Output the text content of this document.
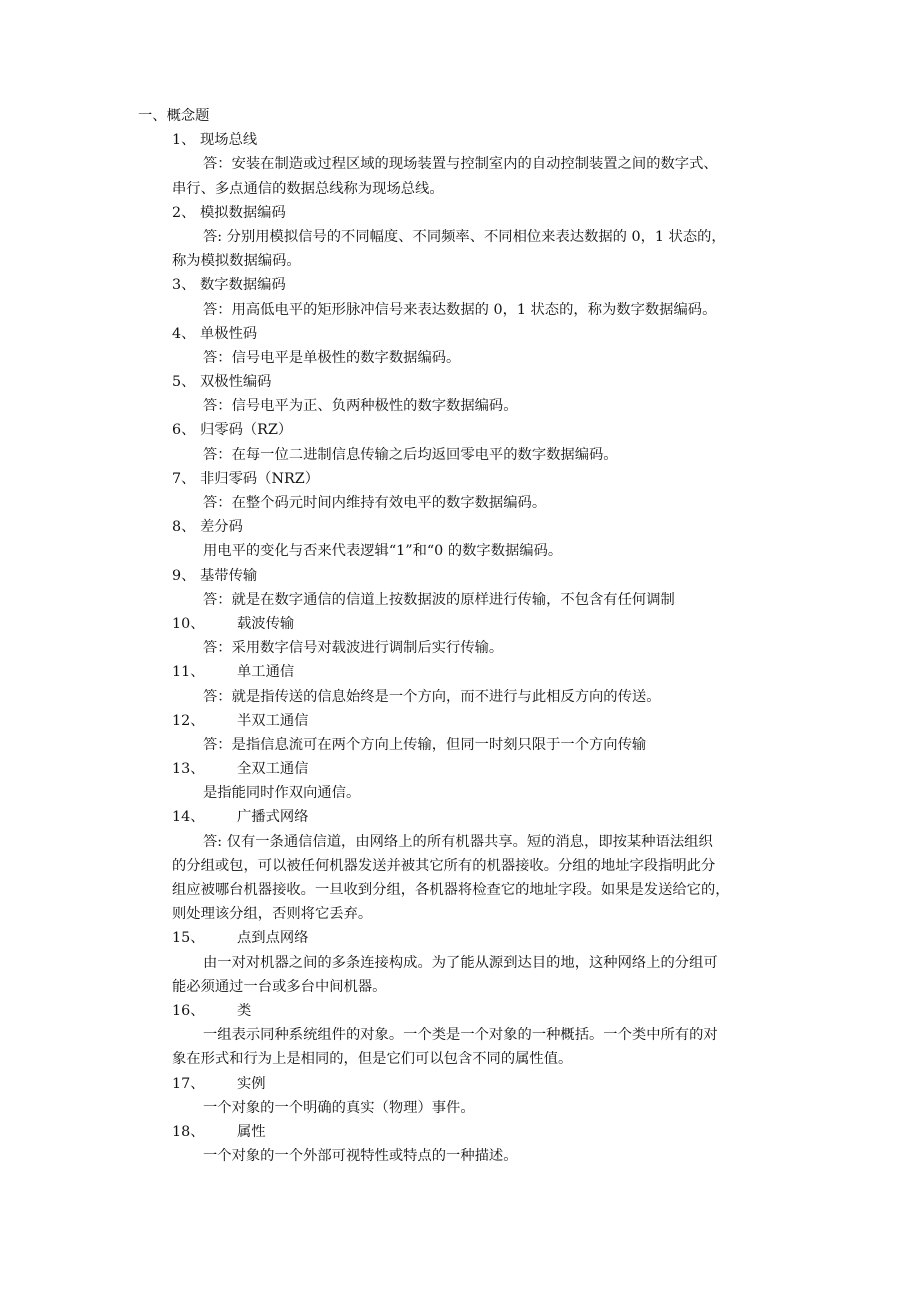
一、概念题
1、 现场总线
答：安装在制造或过程区域的现场装置与控制室内的自动控制装置之间的数字式、
串行、多点通信的数据总线称为现场总线。
2、 模拟数据编码
答: 分别用模拟信号的不同幅度、不同频率、不同相位来表达数据的 0，1 状态的，
称为模拟数据编码。
3、 数字数据编码
答：用高低电平的矩形脉冲信号来表达数据的 0，1 状态的，称为数字数据编码。
4、 单极性码
答：信号电平是单极性的数字数据编码。
5、 双极性编码
答：信号电平为正、负两种极性的数字数据编码。
6、 归零码（RZ）
答：在每一位二进制信息传输之后均返回零电平的数字数据编码。
7、 非归零码（NRZ）
答：在整个码元时间内维持有效电平的数字数据编码。
8、 差分码
用电平的变化与否来代表逻辑“1”和“0 的数字数据编码。
9、 基带传输
答：就是在数字通信的信道上按数据波的原样进行传输，不包含有任何调制
10、 载波传输
答：采用数字信号对载波进行调制后实行传输。
11、 单工通信
答：就是指传送的信息始终是一个方向，而不进行与此相反方向的传送。
12、 半双工通信
答：是指信息流可在两个方向上传输，但同一时刻只限于一个方向传输
13、 全双工通信
是指能同时作双向通信。
14、 广播式网络
答: 仅有一条通信信道，由网络上的所有机器共享。短的消息，即按某种语法组织
的分组或包，可以被任何机器发送并被其它所有的机器接收。分组的地址字段指明此分
组应被哪台机器接收。一旦收到分组，各机器将检查它的地址字段。如果是发送给它的，
则处理该分组，否则将它丢弃。
15、 点到点网络
由一对对机器之间的多条连接构成。为了能从源到达目的地，这种网络上的分组可
能必须通过一台或多台中间机器。
16、 类
一组表示同种系统组件的对象。一个类是一个对象的一种概括。一个类中所有的对
象在形式和行为上是相同的，但是它们可以包含不同的属性值。
17、 实例
一个对象的一个明确的真实（物理）事件。
18、 属性
一个对象的一个外部可视特性或特点的一种描述。
